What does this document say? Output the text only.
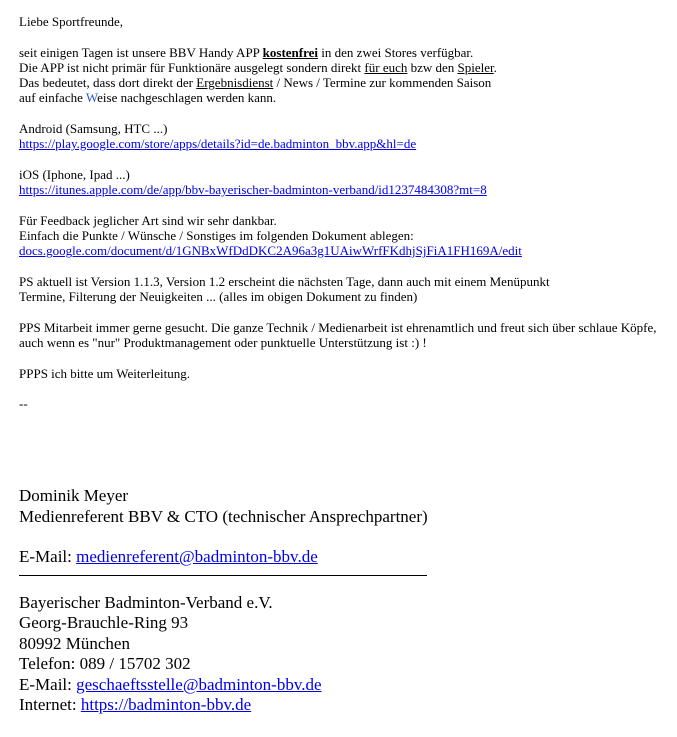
Liebe Sportfreunde,
seit einigen Tagen ist unsere BBV Handy APP kostenfrei in den zwei Stores verfügbar.
Die APP ist nicht primär für Funktionäre ausgelegt sondern direkt für euch bzw den Spieler.
Das bedeutet, dass dort direkt der Ergebnisdienst / News / Termine zur kommenden Saison
auf einfache Weise nachgeschlagen werden kann.
Android (Samsung, HTC ...)
https://play.google.com/store/apps/details?id=de.badminton_bbv.app&hl=de
iOS (Iphone, Ipad ...)
https://itunes.apple.com/de/app/bbv-bayerischer-badminton-verband/id1237484308?mt=8
Für Feedback jeglicher Art sind wir sehr dankbar.
Einfach die Punkte / Wünsche / Sonstiges im folgenden Dokument ablegen:
docs.google.com/document/d/1GNBxWfDdDKC2A96a3g1UAiwWrfFKdhjSjFiA1FH169A/edit
PS aktuell ist Version 1.1.3, Version 1.2 erscheint die nächsten Tage, dann auch mit einem Menüpunkt
Termine, Filterung der Neuigkeiten ... (alles im obigen Dokument zu finden)
PPS Mitarbeit immer gerne gesucht. Die ganze Technik / Medienarbeit ist ehrenamtlich und freut sich über schlaue Köpfe, auch wenn es "nur" Produktmanagement oder punktuelle Unterstützung ist :) !
PPPS ich bitte um Weiterleitung.
--
Dominik Meyer
Medienreferent BBV & CTO (technischer Ansprechpartner)
E-Mail: medienreferent@badminton-bbv.de
Bayerischer Badminton-Verband e.V.
Georg-Brauchle-Ring 93
80992 München
Telefon: 089 / 15702 302
E-Mail: geschaeftsstelle@badminton-bbv.de
Internet: https://badminton-bbv.de
